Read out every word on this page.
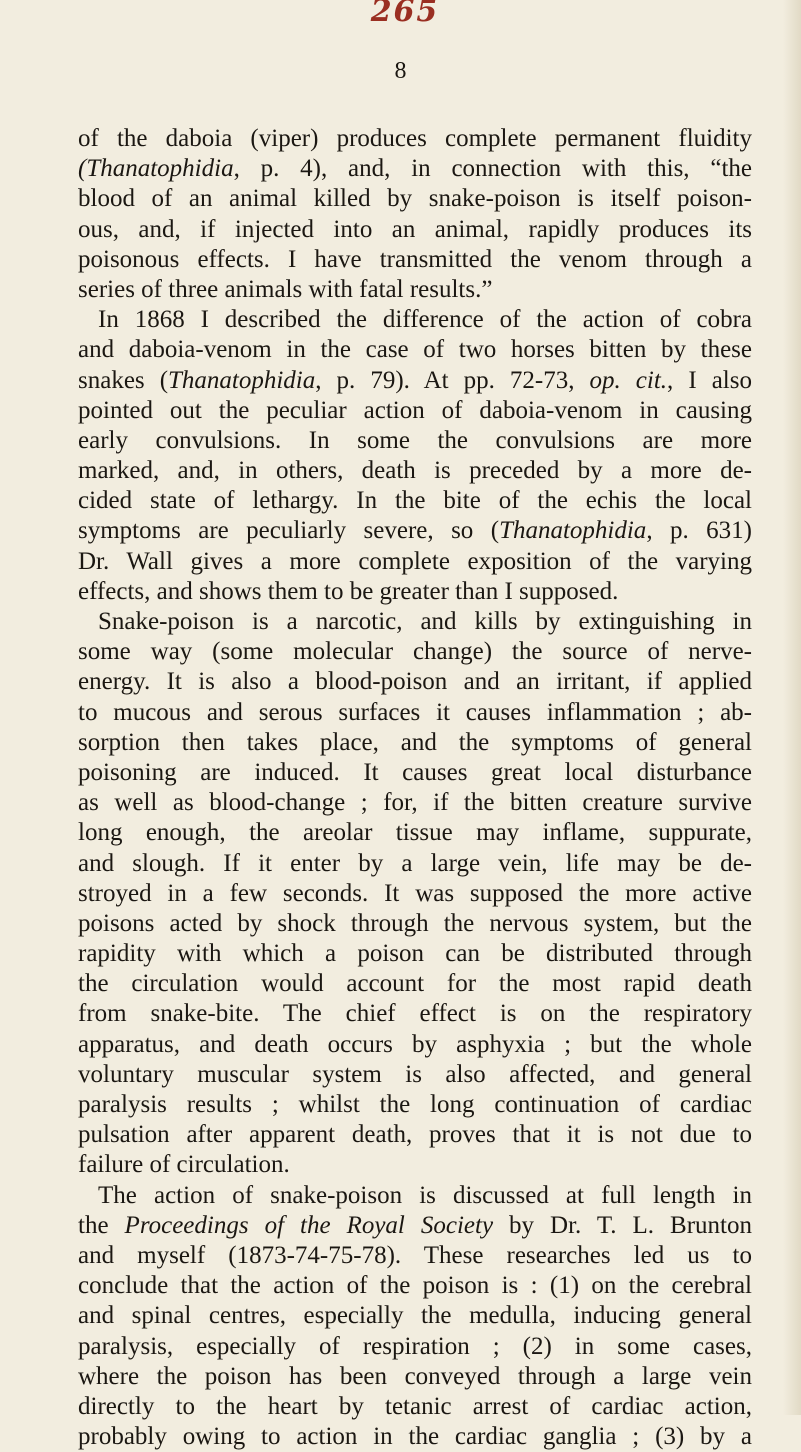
265
8
of the daboia (viper) produces complete permanent fluidity
(Thanatophidia, p. 4), and, in connection with this, “the
blood of an animal killed by snake-poison is itself poison-
ous, and, if injected into an animal, rapidly produces its
poisonous effects. I have transmitted the venom through a
series of three animals with fatal results.”
In 1868 I described the difference of the action of cobra
and daboia-venom in the case of two horses bitten by these
snakes (Thanatophidia, p. 79). At pp. 72-73, op. cit., I also
pointed out the peculiar action of daboia-venom in causing
early convulsions. In some the convulsions are more
marked, and, in others, death is preceded by a more de-
cided state of lethargy. In the bite of the echis the local
symptoms are peculiarly severe, so (Thanatophidia, p. 631)
Dr. Wall gives a more complete exposition of the varying
effects, and shows them to be greater than I supposed.
Snake-poison is a narcotic, and kills by extinguishing in
some way (some molecular change) the source of nerve-
energy. It is also a blood-poison and an irritant, if applied
to mucous and serous surfaces it causes inflammation ; ab-
sorption then takes place, and the symptoms of general
poisoning are induced. It causes great local disturbance
as well as blood-change ; for, if the bitten creature survive
long enough, the areolar tissue may inflame, suppurate,
and slough. If it enter by a large vein, life may be de-
stroyed in a few seconds. It was supposed the more active
poisons acted by shock through the nervous system, but the
rapidity with which a poison can be distributed through
the circulation would account for the most rapid death
from snake-bite. The chief effect is on the respiratory
apparatus, and death occurs by asphyxia ; but the whole
voluntary muscular system is also affected, and general
paralysis results ; whilst the long continuation of cardiac
pulsation after apparent death, proves that it is not due to
failure of circulation.
The action of snake-poison is discussed at full length in
the Proceedings of the Royal Society by Dr. T. L. Brunton
and myself (1873-74-75-78). These researches led us to
conclude that the action of the poison is : (1) on the cerebral
and spinal centres, especially the medulla, inducing general
paralysis, especially of respiration ; (2) in some cases,
where the poison has been conveyed through a large vein
directly to the heart by tetanic arrest of cardiac action,
probably owing to action in the cardiac ganglia ; (3) by a
